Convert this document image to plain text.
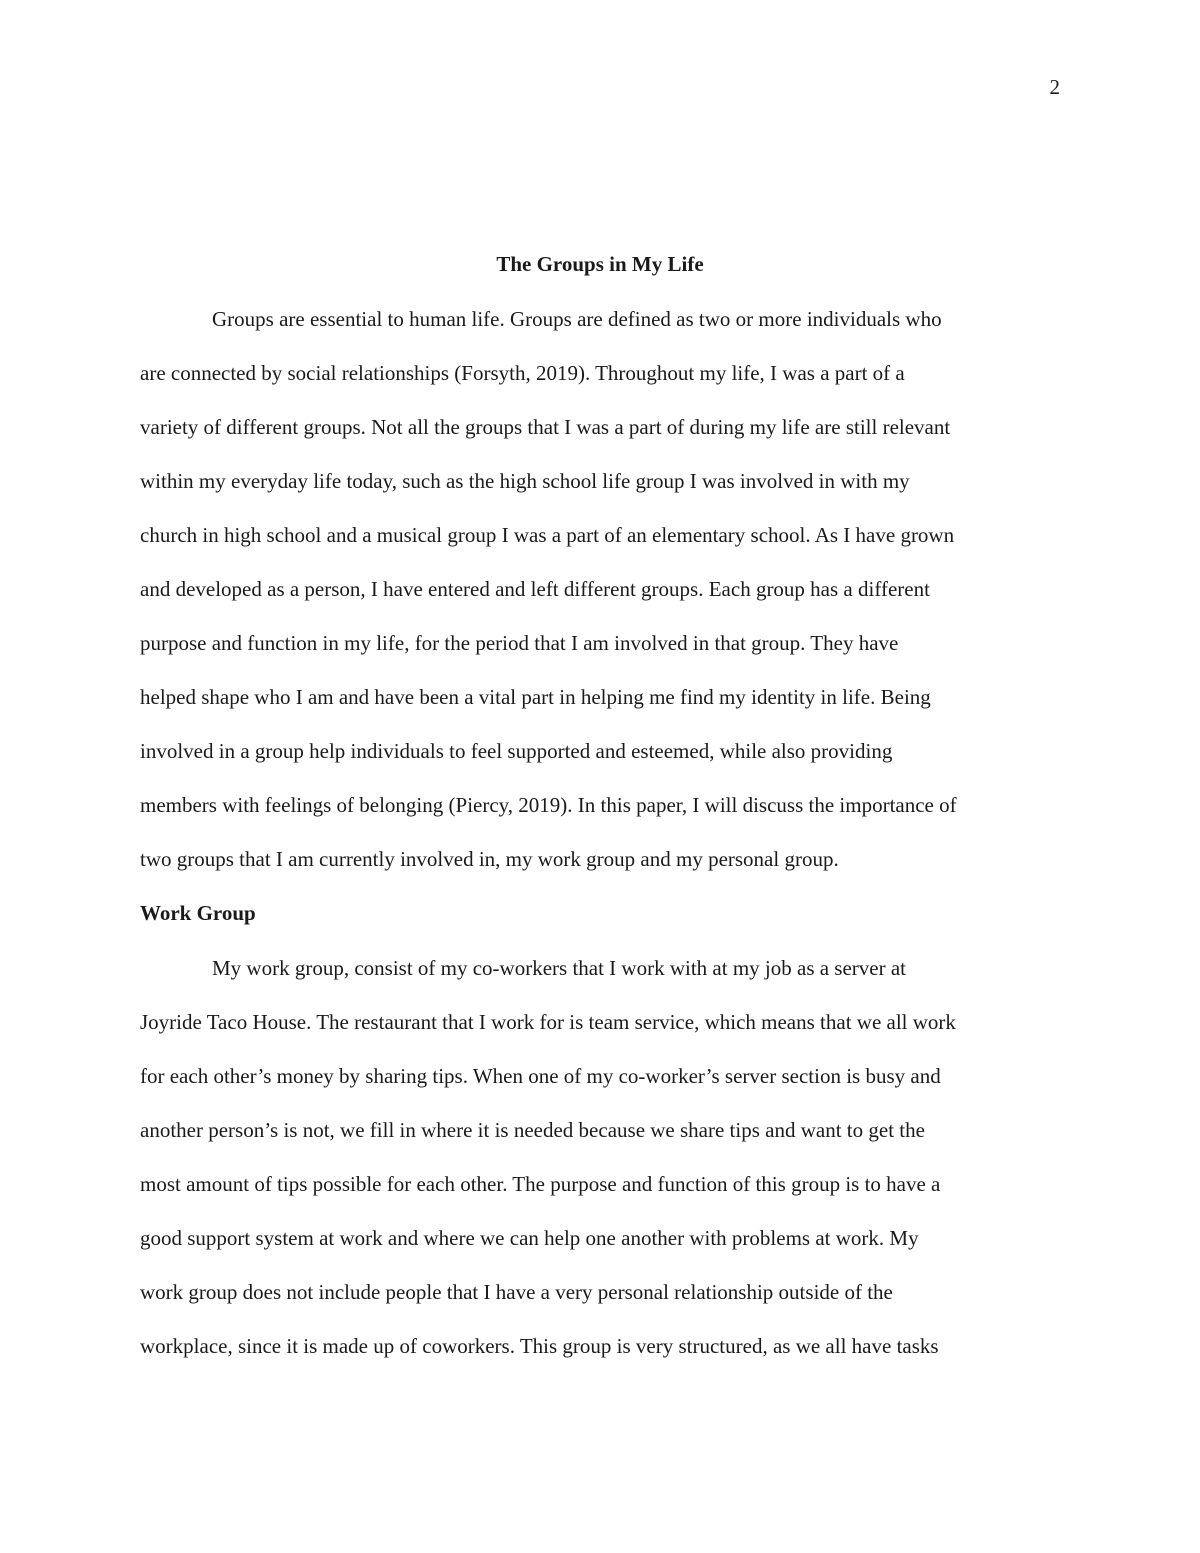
2
The Groups in My Life
Groups are essential to human life. Groups are defined as two or more individuals who
are connected by social relationships (Forsyth, 2019). Throughout my life, I was a part of a
variety of different groups. Not all the groups that I was a part of during my life are still relevant
within my everyday life today, such as the high school life group I was involved in with my
church in high school and a musical group I was a part of an elementary school. As I have grown
and developed as a person, I have entered and left different groups. Each group has a different
purpose and function in my life, for the period that I am involved in that group. They have
helped shape who I am and have been a vital part in helping me find my identity in life. Being
involved in a group help individuals to feel supported and esteemed, while also providing
members with feelings of belonging (Piercy, 2019). In this paper, I will discuss the importance of
two groups that I am currently involved in, my work group and my personal group.
Work Group
My work group, consist of my co-workers that I work with at my job as a server at
Joyride Taco House. The restaurant that I work for is team service, which means that we all work
for each other’s money by sharing tips. When one of my co-worker’s server section is busy and
another person’s is not, we fill in where it is needed because we share tips and want to get the
most amount of tips possible for each other. The purpose and function of this group is to have a
good support system at work and where we can help one another with problems at work. My
work group does not include people that I have a very personal relationship outside of the
workplace, since it is made up of coworkers. This group is very structured, as we all have tasks
